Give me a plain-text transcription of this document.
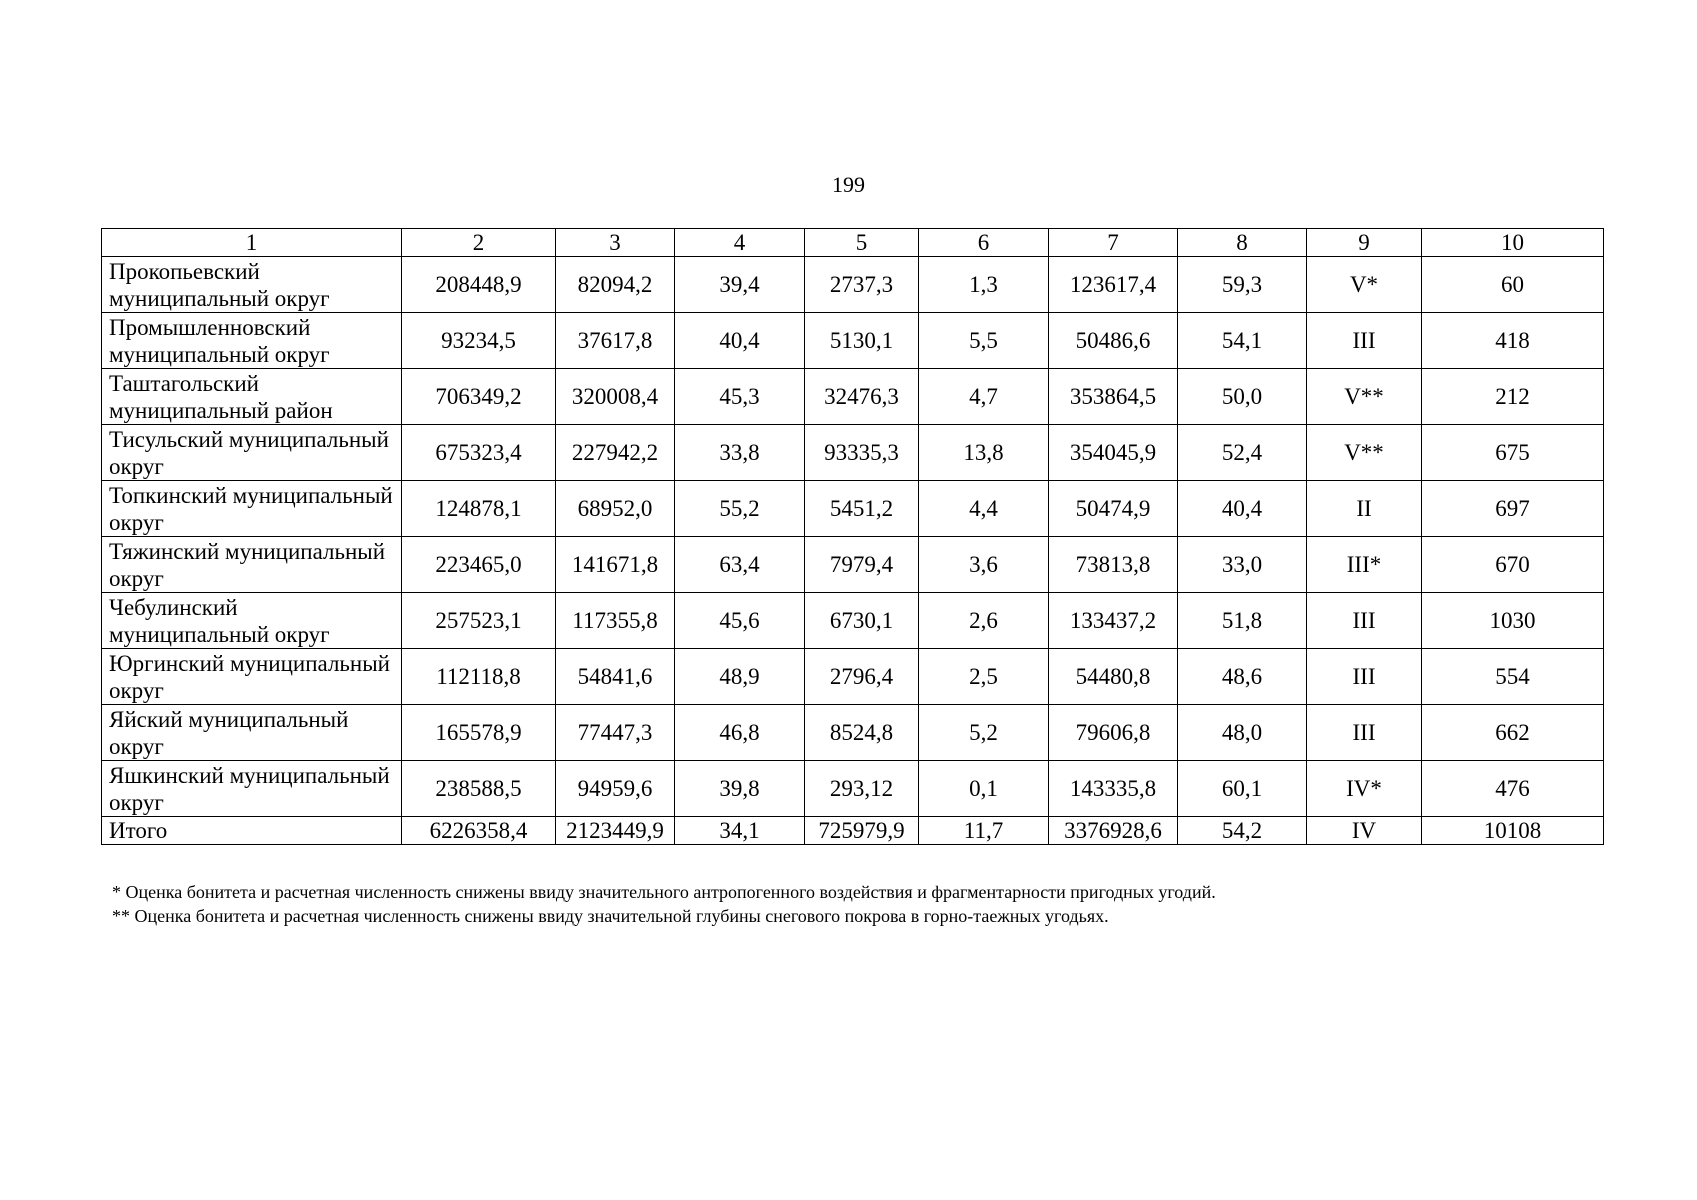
199
1	2	3	4	5	6	7	8	9	10
Прокопьевский муниципальный округ	208448,9	82094,2	39,4	2737,3	1,3	123617,4	59,3	V*	60
Промышленновский муниципальный округ	93234,5	37617,8	40,4	5130,1	5,5	50486,6	54,1	III	418
Таштагольский муниципальный район	706349,2	320008,4	45,3	32476,3	4,7	353864,5	50,0	V**	212
Тисульский муниципальный округ	675323,4	227942,2	33,8	93335,3	13,8	354045,9	52,4	V**	675
Топкинский муниципальный округ	124878,1	68952,0	55,2	5451,2	4,4	50474,9	40,4	II	697
Тяжинский муниципальный округ	223465,0	141671,8	63,4	7979,4	3,6	73813,8	33,0	III*	670
Чебулинский муниципальный округ	257523,1	117355,8	45,6	6730,1	2,6	133437,2	51,8	III	1030
Юргинский муниципальный округ	112118,8	54841,6	48,9	2796,4	2,5	54480,8	48,6	III	554
Яйский муниципальный округ	165578,9	77447,3	46,8	8524,8	5,2	79606,8	48,0	III	662
Яшкинский муниципальный округ	238588,5	94959,6	39,8	293,12	0,1	143335,8	60,1	IV*	476
Итого	6226358,4	2123449,9	34,1	725979,9	11,7	3376928,6	54,2	IV	10108
* Оценка бонитета и расчетная численность снижены ввиду значительного антропогенного воздействия и фрагментарности пригодных угодий.
** Оценка бонитета и расчетная численность снижены ввиду значительной глубины снегового покрова в горно-таежных угодьях.
